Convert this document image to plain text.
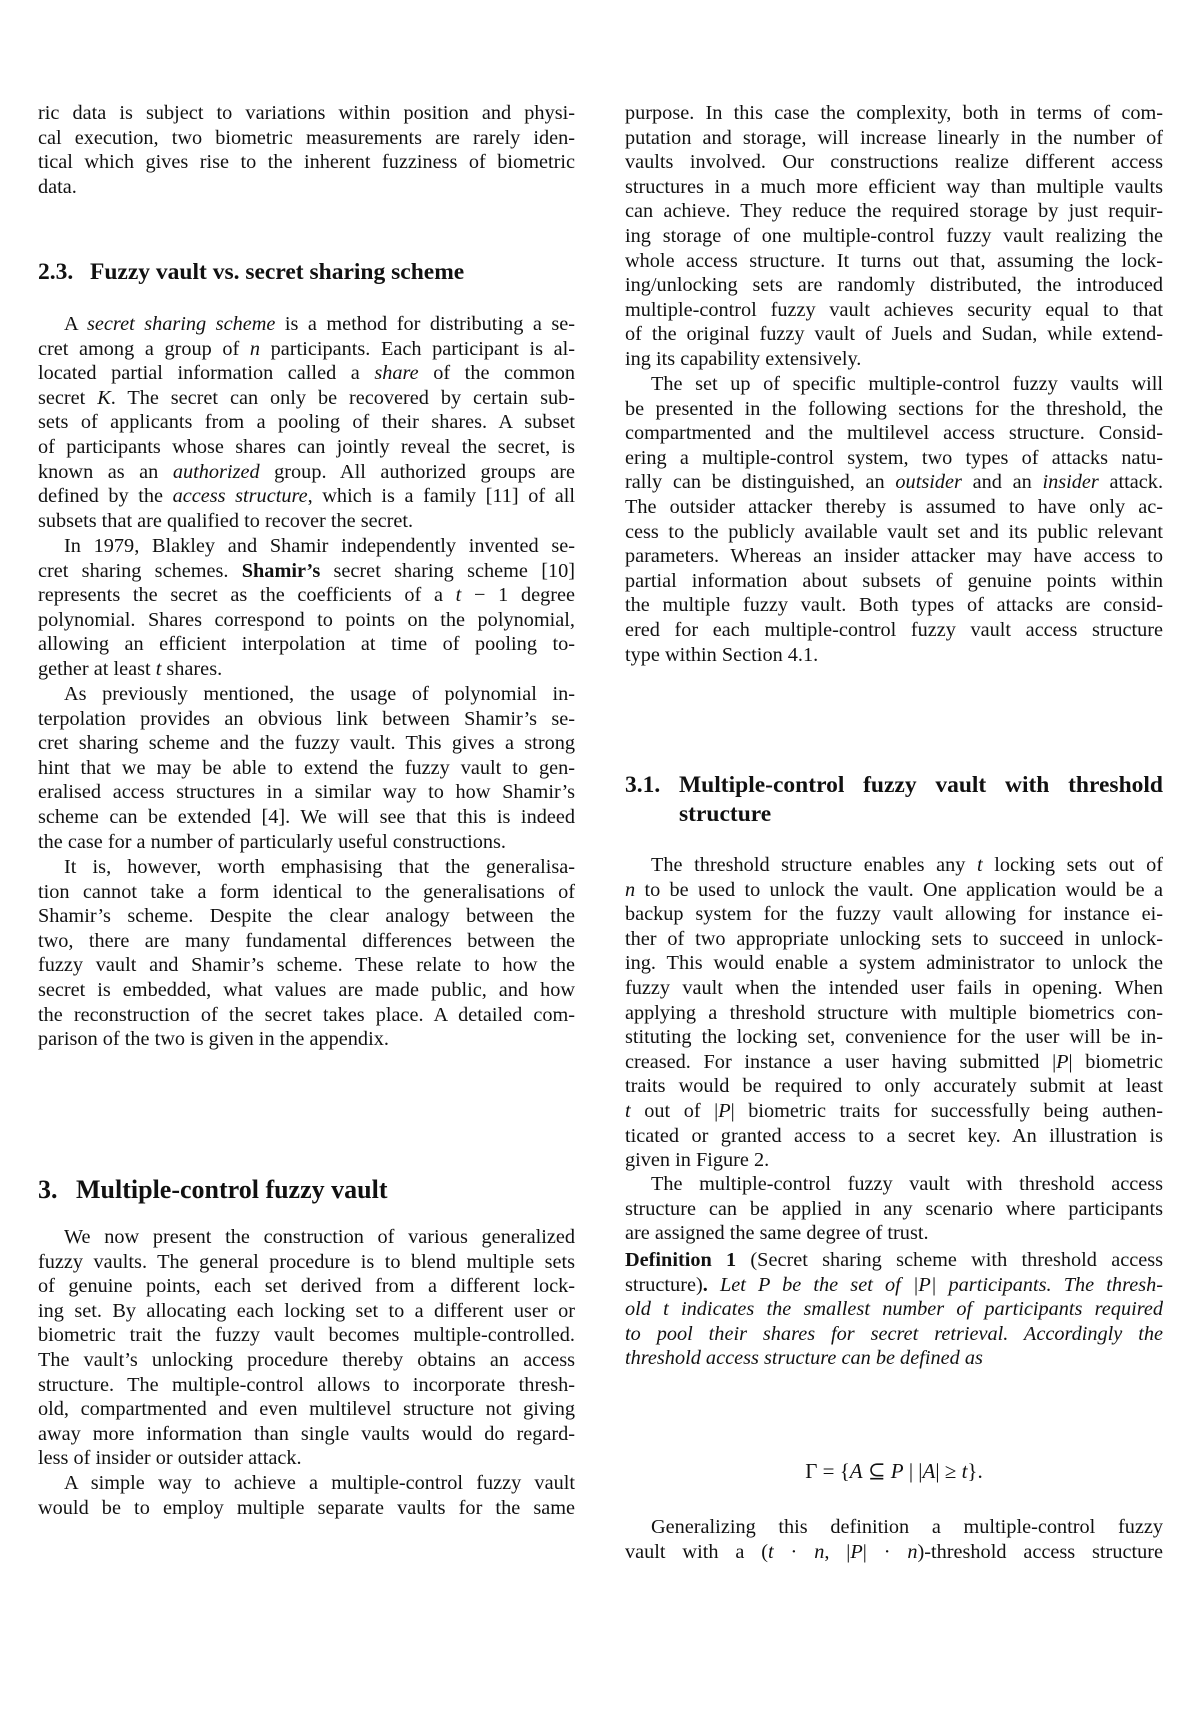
ric data is subject to variations within position and physi-
cal execution, two biometric measurements are rarely iden-
tical which gives rise to the inherent fuzziness of biometric
data.
2.3. Fuzzy vault vs. secret sharing scheme
A secret sharing scheme is a method for distributing a se-
cret among a group of n participants. Each participant is al-
located partial information called a share of the common
secret K. The secret can only be recovered by certain sub-
sets of applicants from a pooling of their shares. A subset
of participants whose shares can jointly reveal the secret, is
known as an authorized group. All authorized groups are
defined by the access structure, which is a family [11] of all
subsets that are qualified to recover the secret.
In 1979, Blakley and Shamir independently invented se-
cret sharing schemes. Shamir’s secret sharing scheme [10]
represents the secret as the coefficients of a t − 1 degree
polynomial. Shares correspond to points on the polynomial,
allowing an efficient interpolation at time of pooling to-
gether at least t shares.
As previously mentioned, the usage of polynomial in-
terpolation provides an obvious link between Shamir’s se-
cret sharing scheme and the fuzzy vault. This gives a strong
hint that we may be able to extend the fuzzy vault to gen-
eralised access structures in a similar way to how Shamir’s
scheme can be extended [4]. We will see that this is indeed
the case for a number of particularly useful constructions.
It is, however, worth emphasising that the generalisa-
tion cannot take a form identical to the generalisations of
Shamir’s scheme. Despite the clear analogy between the
two, there are many fundamental differences between the
fuzzy vault and Shamir’s scheme. These relate to how the
secret is embedded, what values are made public, and how
the reconstruction of the secret takes place. A detailed com-
parison of the two is given in the appendix.
3. Multiple-control fuzzy vault
We now present the construction of various generalized
fuzzy vaults. The general procedure is to blend multiple sets
of genuine points, each set derived from a different lock-
ing set. By allocating each locking set to a different user or
biometric trait the fuzzy vault becomes multiple-controlled.
The vault’s unlocking procedure thereby obtains an access
structure. The multiple-control allows to incorporate thresh-
old, compartmented and even multilevel structure not giving
away more information than single vaults would do regard-
less of insider or outsider attack.
A simple way to achieve a multiple-control fuzzy vault
would be to employ multiple separate vaults for the same
purpose. In this case the complexity, both in terms of com-
putation and storage, will increase linearly in the number of
vaults involved. Our constructions realize different access
structures in a much more efficient way than multiple vaults
can achieve. They reduce the required storage by just requir-
ing storage of one multiple-control fuzzy vault realizing the
whole access structure. It turns out that, assuming the lock-
ing/unlocking sets are randomly distributed, the introduced
multiple-control fuzzy vault achieves security equal to that
of the original fuzzy vault of Juels and Sudan, while extend-
ing its capability extensively.
The set up of specific multiple-control fuzzy vaults will
be presented in the following sections for the threshold, the
compartmented and the multilevel access structure. Consid-
ering a multiple-control system, two types of attacks natu-
rally can be distinguished, an outsider and an insider attack.
The outsider attacker thereby is assumed to have only ac-
cess to the publicly available vault set and its public relevant
parameters. Whereas an insider attacker may have access to
partial information about subsets of genuine points within
the multiple fuzzy vault. Both types of attacks are consid-
ered for each multiple-control fuzzy vault access structure
type within Section 4.1.
3.1. Multiple-control fuzzy vault with threshold
structure
The threshold structure enables any t locking sets out of
n to be used to unlock the vault. One application would be a
backup system for the fuzzy vault allowing for instance ei-
ther of two appropriate unlocking sets to succeed in unlock-
ing. This would enable a system administrator to unlock the
fuzzy vault when the intended user fails in opening. When
applying a threshold structure with multiple biometrics con-
stituting the locking set, convenience for the user will be in-
creased. For instance a user having submitted |P| biometric
traits would be required to only accurately submit at least
t out of |P| biometric traits for successfully being authen-
ticated or granted access to a secret key. An illustration is
given in Figure 2.
The multiple-control fuzzy vault with threshold access
structure can be applied in any scenario where participants
are assigned the same degree of trust.
Definition 1 (Secret sharing scheme with threshold access
structure). Let P be the set of |P| participants. The thresh-
old t indicates the smallest number of participants required
to pool their shares for secret retrieval. Accordingly the
threshold access structure can be defined as
Γ = {A ⊆ P | |A| ≥ t}.
Generalizing this definition a multiple-control fuzzy
vault with a (t · n, |P| · n)-threshold access structure
